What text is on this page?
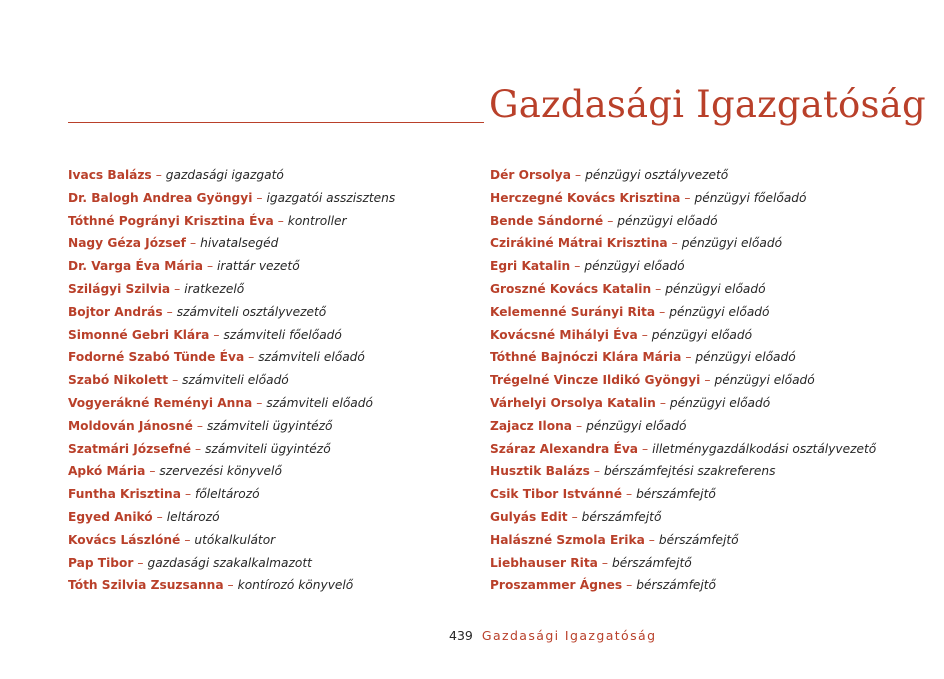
Gazdasági Igazgatóság
Ivacs Balázs – gazdasági igazgató
Dr. Balogh Andrea Gyöngyi – igazgatói asszisztens
Tóthné Pogrányi Krisztina Éva – kontroller
Nagy Géza József – hivatalsegéd
Dr. Varga Éva Mária – irattár vezető
Szilágyi Szilvia – iratkezelő
Bojtor András – számviteli osztályvezető
Simonné Gebri Klára – számviteli főelőadó
Fodorné Szabó Tünde Éva – számviteli előadó
Szabó Nikolett – számviteli előadó
Vogyerákné Reményi Anna – számviteli előadó
Moldován Jánosné – számviteli ügyintéző
Szatmári Józsefné – számviteli ügyintéző
Apkó Mária – szervezési könyvelő
Funtha Krisztina – főleltározó
Egyed Anikó – leltározó
Kovács Lászlóné – utókalkulátor
Pap Tibor – gazdasági szakalkalmazott
Tóth Szilvia Zsuzsanna – kontírozó könyvelő
Dér Orsolya – pénzügyi osztályvezető
Herczegné Kovács Krisztina – pénzügyi főelőadó
Bende Sándorné – pénzügyi előadó
Czirákiné Mátrai Krisztina – pénzügyi előadó
Egri Katalin – pénzügyi előadó
Groszné Kovács Katalin – pénzügyi előadó
Kelemenné Surányi Rita – pénzügyi előadó
Kovácsné Mihályi Éva – pénzügyi előadó
Tóthné Bajnóczi Klára Mária – pénzügyi előadó
Trégelné Vincze Ildikó Gyöngyi – pénzügyi előadó
Várhelyi Orsolya Katalin – pénzügyi előadó
Zajacz Ilona – pénzügyi előadó
Száraz Alexandra Éva – illetménygazdálkodási osztályvezető
Husztik Balázs – bérszámfejtési szakreferens
Csik Tibor Istvánné – bérszámfejtő
Gulyás Edit – bérszámfejtő
Halászné Szmola Erika – bérszámfejtő
Liebhauser Rita – bérszámfejtő
Proszammer Ágnes – bérszámfejtő
439 Gazdasági Igazgatóság
